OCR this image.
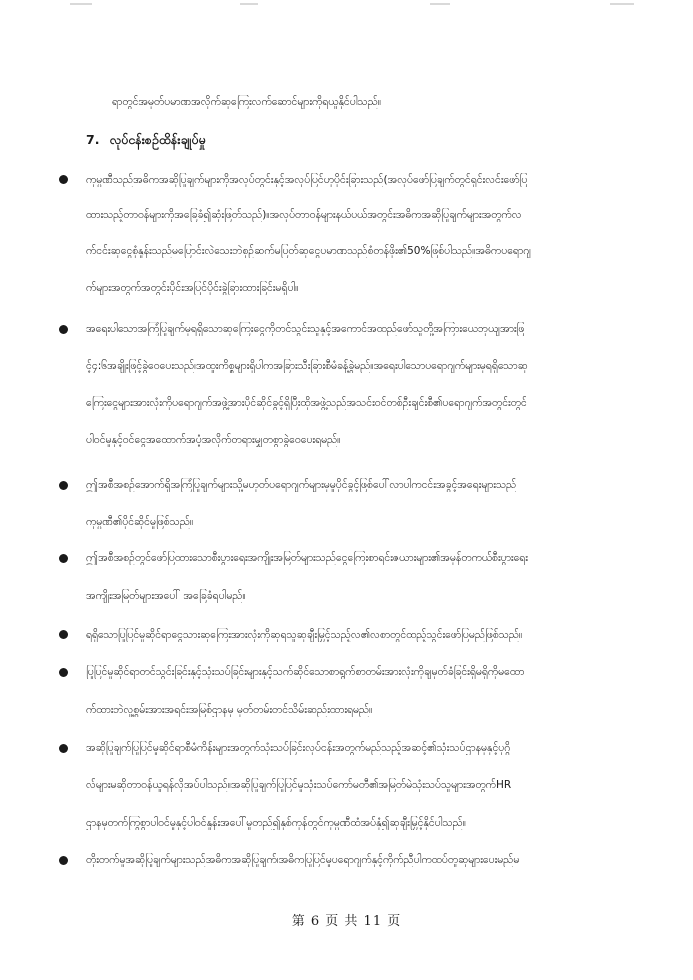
ရာတွင်အမှတ်ပမာဏအလိုက်ဆုကြေးလက်ဆောင်များကိုရယူနိုင်ပါသည်။
7. လုပ်ငန်းစဉ်ထိန်းချုပ်မှု
ကုမ္ပဏီသည်အဓိကအဆိုပြုချက်များကိုအလုပ်တွင်းနှင့်အလုပ်ပြင်ဟုပိုင်းခြားသည်(အလုပ်ဖော်ပြချက်တွင်ရှင်းလင်းဖော်ပြ
ထားသည့်တာဝန်များကိုအခြေခံ၍ဆုံးဖြတ်သည်)။အလုပ်တာဝန်များနယ်ပယ်အတွင်းအဓိကအဆိုပြုချက်များအတွက်လ
က်ငင်းဆုငွေစုံနှုန်းသည်မပြောင်းလဲသေးဘဲစုဉ်ဆက်မပြတ်ဆုငွေပမာဏသည်စံတန်ဖိုး၏50%ဖြစ်ပါသည်။အဓိကပရောဂျ
က်များအတွက်အတွင်းပိုင်းအပြင်ပိုင်းခွဲခြားထားခြင်းမရှိပါ။
အရေးပါသောအကြံပြုချက်မှရရှိသောဆုကြေးငွေကိုတင်သွင်းသူနှင့်အကောင်အထည်ဖော်သူတို့အကြားယေဘုယျအားဖြ
င့်၄:၆အချိုးဖြင့်ခွဲဝေပေးသည်၊အထူးကိစ္စများရှိပါကအခြားသီးခြားစီမံခန့်ခွဲမည်။အရေးပါသောပရောဂျက်များမှရရှိသောဆု
ကြေးငွေများအားလုံးကိုပရောဂျက်အဖွဲ့အားပိုင်ဆိုင်ခွင့်ရှိပြီးထိုအဖွဲ့သည်အသင်းဝင်တစ်ဦးချင်းစီ၏ပရောဂျက်အတွင်းတွင်
ပါဝင်မှုနှင့်ဝင်ငွေအထောက်အပံ့အလိုက်တရားမျှတစွာခွဲဝေပေးရမည်။
ဤအစီအစဉ်အောက်ရှိအကြံပြုချက်များသို့မဟုတ်ပရောဂျက်များမှမူပိုင်ခွင့်ဖြစ်ပေါ်လာပါကငင်းအခွင့်အရေးများသည်
ကုမ္ပဏီ၏ပိုင်ဆိုင်မှုဖြစ်သည်။
ဤအစီအစဉ်တွင်ဖော်ပြထားသောစီးပွားရေးအကျိုးအမြတ်များသည်ငွေကြေးစာရင်းဇယားများ၏အမှန်တကယ်စီးပွားရေး
အကျိုးအမြတ်များအပေါ် အခြေခံရပါမည်။
ရရှိသောပြုပြင်မှုဆိုင်ရာငွေသားဆုကြေးအားလုံးကိုဆုရသူဆုချီးမြှင့်သည့်လ၏လစာတွင်ထည့်သွင်းဖော်ပြမည်ဖြစ်သည်။
ပြုပြင်မှုဆိုင်ရာတင်သွင်းခြင်းနှင့်သုံးသပ်ခြင်းများနှင့်သက်ဆိုင်သောစာရွက်စာတမ်းအားလုံးကိုချမှတ်ခံခြင်းရှိမရှိကိုမထော
က်ထားဘဲလူ့စွမ်းအားအရင်းအမြစ်ဌာနမှ မှတ်တမ်းတင်သိမ်းဆည်းထားရမည်။
အဆိုပြုချက်ပြုပြင်မှုဆိုင်ရာစီမံကိန်းများအတွက်သုံးသပ်ခြင်းလုပ်ငန်းအတွက်မည်သည့်အဆင့်၏သုံးသပ်ဌာနမှနှင့်ပုဂ္ဂိ
လ်များမဆိုတာဝန်ယူရန်လိုအပ်ပါသည်။အဆိုပြုချက်ပြုပြင်မှုသုံးသပ်ကော်မတီ၏အမြတ်မဲသုံးသပ်သူများအတွက်HR
ဌာနမှတက်ကြွစွာပါဝင်မှုနှင့်ပါဝင်နှုန်းအပေါ်မူတည်၍နှစ်ကုန်တွင်ကုမ္ပဏီထံအပ်နှံ၍ဆုချီးမြှင့်နိုင်ပါသည်။
တိုးတက်မှုအဆိုပြုချက်များသည်အဓိကအဆိုပြုချက်၊အဓိကပြုပြင်မှုပရောဂျက်နှင့်ကိုက်ညီပါကထပ်တူဆုများပေးမည်မ
第 6 页 共 11 页
